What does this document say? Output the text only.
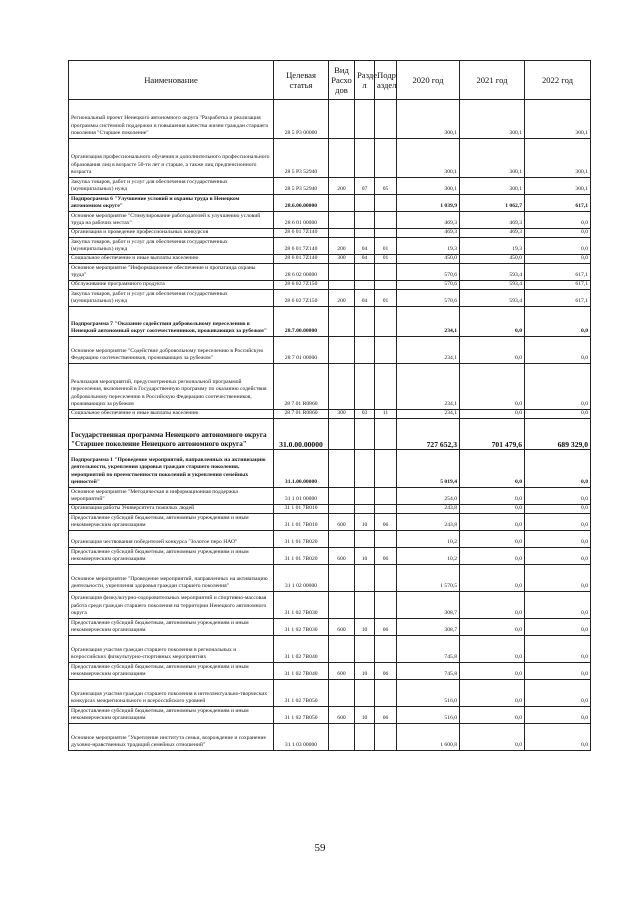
Наименование	Целевая статья	Вид Расхо дов	Разде л	Подр аздел	2020 год	2021 год	2022 год
Региональный проект Ненецкого автономного округа "Разработка и реализация программы системной поддержки и повышения качества жизни граждан старшего поколения "Старшее поколение"	28 5 P3 00000				300,1	300,1	300,1
Организация профессионального обучения и дополнительного профессионального образования лиц в возрасте 50-ти лет и старше, а также лиц предпенсионного возраста	28 5 P3 52940				300,1	300,1	300,1
Закупка товаров, работ и услуг для обеспечения государственных (муниципальных) нужд	28 5 P3 52940	200	07	05	300,1	300,1	300,1
Подпрограмма 6 "Улучшение условий и охраны труда в Ненецком автономном округе"	28.6.00.00000				1 039,9	1 062,7	617,1
Основное мероприятие "Стимулирование работодателей к улучшению условий труда на рабочих местах"	28 6 01 00000				469,3	469,3	0,0
Организация и проведение профессиональных конкурсов	28 6 01 7Z140				469,3	469,3	0,0
Закупка товаров, работ и услуг для обеспечения государственных (муниципальных) нужд	28 6 01 7Z140	200	04	01	19,3	19,3	0,0
Социальное обеспечение и иные выплаты населению	28 6 01 7Z140	300	04	01	450,0	450,0	0,0
Основное мероприятие "Информационное обеспечение и пропаганда охраны труда"	28 6 02 00000				570,6	593,4	617,1
Обслуживание программного продукта	28 6 02 7Z150				570,6	593,4	617,1
Закупка товаров, работ и услуг для обеспечения государственных (муниципальных) нужд	28 6 02 7Z150	200	04	01	570,6	593,4	617,1
Подпрограмма 7 "Оказание содействия добровольному переселению в Ненецкий автономный округ соотечественников, проживающих за рубежом"	28.7.00.00000				234,1	0,0	0,0
Основное мероприятие "Содействие добровольному переселению в Российскую Федерацию соотечественников, проживающих за рубежом"	28 7 01 00000				234,1	0,0	0,0
Реализация мероприятий, предусмотренных региональной программой переселения, включенной в Государственную программу по оказанию содействия добровольному переселению в Российскую Федерацию соотечественников, проживающих за рубежом	28 7 01 R0860				234,1	0,0	0,0
Социальное обеспечение и иные выплаты населению	28 7 01 R0860	300	03	11	234,1	0,0	0,0
Государственная программа Ненецкого автономного округа "Старшее поколение Ненецкого автономного округа"	31.0.00.00000				727 652,3	701 479,6	689 329,0
Подпрограмма 1 "Проведение мероприятий, направленных на активизацию деятельности, укрепления здоровья граждан старшего поколения, мероприятий по преемственности поколений и укрепления семейных ценностей"	31.1.00.00000				5 019,4	0,0	0,0
Основное мероприятие "Методическая и информационная поддержка мероприятий"	31 1 01 00000				254,0	0,0	0,0
Организация работы Университета пожилых людей	31 1 01 7B010				243,8	0,0	0,0
Предоставление субсидий бюджетным, автономным учреждениям и иным некоммерческим организациям	31 1 01 7B010	600	10	06	243,8	0,0	0,0
Организация чествования победителей конкурса "Золотое перо НАО"	31 1 01 7B020				10,2	0,0	0,0
Предоставление субсидий бюджетным, автономным учреждениям и иным некоммерческим организациям	31 1 01 7B020	600	10	06	10,2	0,0	0,0
Основное мероприятие "Проведение мероприятий, направленных на активизацию деятельности, укрепления здоровья граждан старшего поколения"	31 1 02 00000				1 570,5	0,0	0,0
Организация физкультурно-оздоровительных мероприятий и спортивно-массовая работа среди граждан старшего поколения на территории Ненецкого автономного округа	31 1 02 7B030				308,7	0,0	0,0
Предоставление субсидий бюджетным, автономным учреждениям и иным некоммерческим организациям	31 1 02 7B030	600	10	06	308,7	0,0	0,0
Организация участия граждан старшего поколения в региональных и всероссийских физкультурно-спортивных мероприятиях	31 1 02 7B040				745,8	0,0	0,0
Предоставление субсидий бюджетным, автономным учреждениям и иным некоммерческим организациям	31 1 02 7B040	600	10	06	745,8	0,0	0,0
Организация участия граждан старшего поколения в интеллектуально-творческих конкурсах межрегионального и всероссийского уровней	31 1 02 7B050				516,0	0,0	0,0
Предоставление субсидий бюджетным, автономным учреждениям и иным некоммерческим организациям	31 1 02 7B050	600	10	06	516,0	0,0	0,0
Основное мероприятие "Укрепление института семьи, возрождение и сохранение духовно-нравственных традиций семейных отношений"	31 1 03 00000				1 600,8	0,0	0,0
59
